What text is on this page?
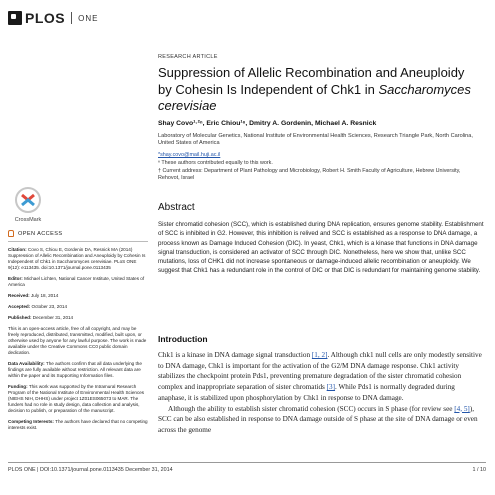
PLOS ONE
RESEARCH ARTICLE
Suppression of Allelic Recombination and Aneuploidy by Cohesin Is Independent of Chk1 in Saccharomyces cerevisiae
Shay Covo¹·²ⁿ, Eric Chiou¹ⁿ, Dmitry A. Gordenin, Michael A. Resnick
Laboratory of Molecular Genetics, National Institute of Environmental Health Sciences, Research Triangle Park, North Carolina, United States of America
*shay.covo@mail.huji.ac.il
ⁿ These authors contributed equally to this work.
† Current address: Department of Plant Pathology and Microbiology, Robert H. Smith Faculty of Agriculture, Hebrew University, Rehovot, Israel
CrossMark
OPEN ACCESS

Citation: Covo S, Chiou E, Gordenin DA, Resnick MA (2014) Suppression of Allelic Recombination and Aneuploidy by Cohesin Is Independent of Chk1 in Saccharomyces cerevisiae. PLoS ONE 9(12): e113435. doi:10.1371/journal.pone.0113435

Editor: Michael Lichten, National Cancer Institute, United States of America

Received: July 18, 2014

Accepted: October 23, 2014

Published: December 31, 2014

This is an open-access article, free of all copyright, and may be freely reproduced, distributed, transmitted, modified, built upon, or otherwise used by anyone for any lawful purpose. The work is made available under the Creative Commons CC0 public domain dedication.

Data Availability: The authors confirm that all data underlying the findings are fully available without restriction. All relevant data are within the paper and its Supporting Information files.

Funding: This work was supported by the Intramural Research Program of the National Institute of Environmental Health Sciences (NIEHS NIH, DHHS) under project 1Z01ES065073 to MAR. The funders had no role in study design, data collection and analysis, decision to publish, or preparation of the manuscript.

Competing Interests: The authors have declared that no competing interests exist.

Abstract
Sister chromatid cohesion (SCC), which is established during DNA replication, ensures genome stability. Establishment of SCC is inhibited in G2. However, this inhibition is relived and SCC is established as a response to DNA damage, a process known as Damage Induced Cohesion (DIC). In yeast, Chk1, which is a kinase that functions in DNA damage signal transduction, is considered an activator of SCC through DIC. Nonetheless, here we show that, unlike SCC mutations, loss of CHK1 did not increase spontaneous or damage-induced allelic recombination or aneuploidy. We suggest that Chk1 has a redundant role in the control of DIC or that DIC is redundant for maintaining genome stability.
Introduction

Chk1 is a kinase in DNA damage signal transduction [1, 2]. Although chk1 null cells are only modestly sensitive to DNA damage, Chk1 is important for the activation of the G2/M DNA damage response. Chk1 activity stabilizes the checkpoint protein Pds1, preventing premature degradation of the sister chromatid cohesion complex and inappropriate separation of sister chromatids [3]. While Pds1 is normally degraded during anaphase, it is stabilized upon phosphorylation by Chk1 in response to DNA damage.

Although the ability to establish sister chromatid cohesion (SCC) occurs in S phase (for review see [4, 5]), SCC can be also established in response to DNA damage outside of S phase at the site of DNA damage or even across the genome

PLOS ONE | DOI:10.1371/journal.pone.0113435 December 31, 2014	1 / 10
